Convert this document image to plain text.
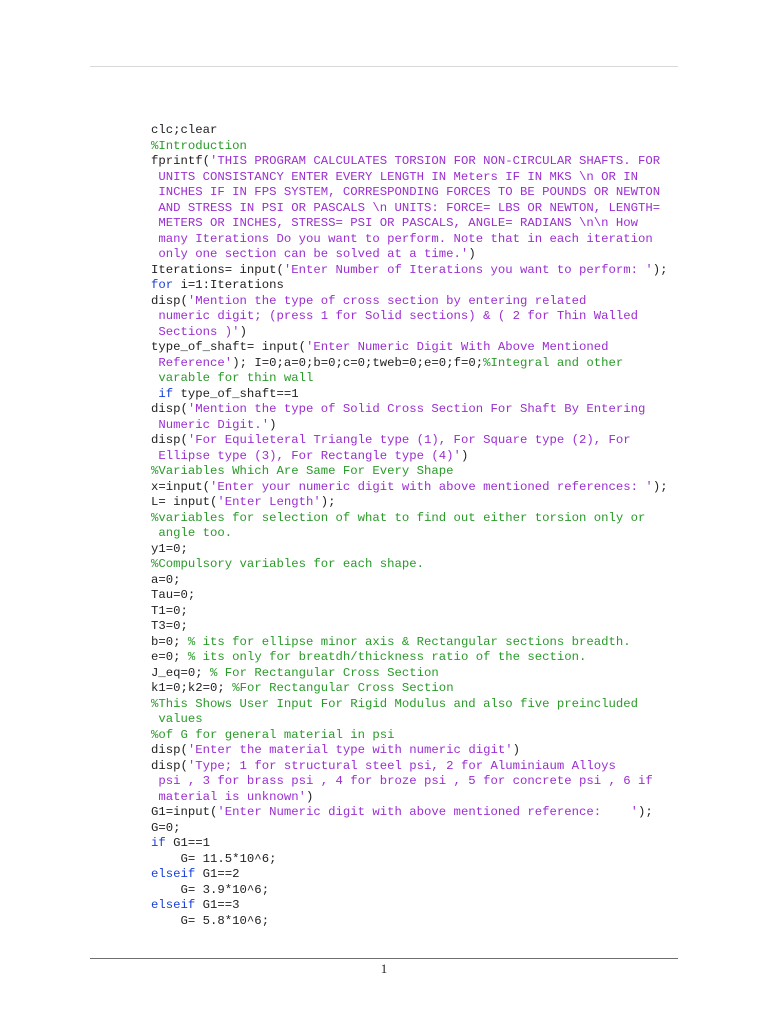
clc;clear
%Introduction
fprintf('THIS PROGRAM CALCULATES TORSION FOR NON-CIRCULAR SHAFTS. FOR
UNITS CONSISTANCY ENTER EVERY LENGTH IN Meters IF IN MKS \n OR IN
INCHES IF IN FPS SYSTEM, CORRESPONDING FORCES TO BE POUNDS OR NEWTON
AND STRESS IN PSI OR PASCALS \n UNITS: FORCE= LBS OR NEWTON, LENGTH=
METERS OR INCHES, STRESS= PSI OR PASCALS, ANGLE= RADIANS \n\n How
many Iterations Do you want to perform. Note that in each iteration
only one section can be solved at a time.')
Iterations= input('Enter Number of Iterations you want to perform: ');
for i=1:Iterations
disp('Mention the type of cross section by entering related
numeric digit; (press 1 for Solid sections) & ( 2 for Thin Walled
Sections )')
type_of_shaft= input('Enter Numeric Digit With Above Mentioned
Reference'); I=0;a=0;b=0;c=0;tweb=0;e=0;f=0;%Integral and other
varable for thin wall
if type_of_shaft==1
disp('Mention the type of Solid Cross Section For Shaft By Entering
Numeric Digit.')
disp('For Equileteral Triangle type (1), For Square type (2), For
Ellipse type (3), For Rectangle type (4)')
%Variables Which Are Same For Every Shape
x=input('Enter your numeric digit with above mentioned references: ');
L= input('Enter Length');
%variables for selection of what to find out either torsion only or
angle too.
y1=0;
%Compulsory variables for each shape.
a=0;
Tau=0;
T1=0;
T3=0;
b=0; % its for ellipse minor axis & Rectangular sections breadth.
e=0; % its only for breatdh/thickness ratio of the section.
J_eq=0; % For Rectangular Cross Section
k1=0;k2=0; %For Rectangular Cross Section
%This Shows User Input For Rigid Modulus and also five preincluded
values
%of G for general material in psi
disp('Enter the material type with numeric digit')
disp('Type; 1 for structural steel psi, 2 for Aluminiaum Alloys
psi , 3 for brass psi , 4 for broze psi , 5 for concrete psi , 6 if
material is unknown')
G1=input('Enter Numeric digit with above mentioned reference:    ');
G=0;
if G1==1
G= 11.5*10^6;
elseif G1==2
G= 3.9*10^6;
elseif G1==3
G= 5.8*10^6;
1
